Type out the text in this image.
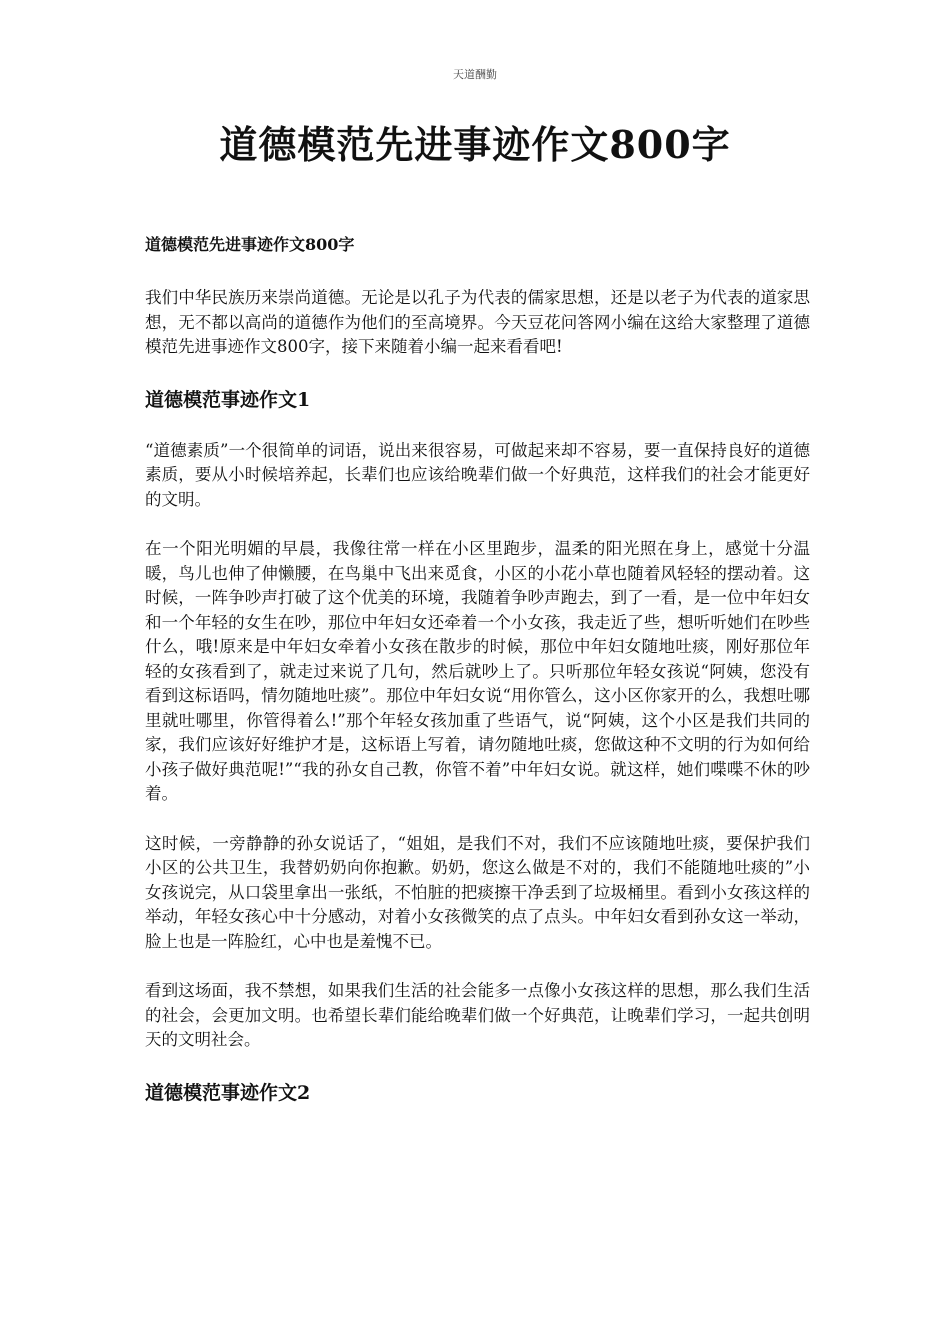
天道酬勤
道德模范先进事迹作文800字

道德模范先进事迹作文800字

我们中华民族历来崇尚道德。无论是以孔子为代表的儒家思想，还是以老子为代表的道家思想，无不都以高尚的道德作为他们的至高境界。今天豆花问答网小编在这给大家整理了道德模范先进事迹作文800字，接下来随着小编一起来看看吧!

道德模范事迹作文1

“道德素质”一个很简单的词语，说出来很容易，可做起来却不容易，要一直保持良好的道德素质，要从小时候培养起，长辈们也应该给晚辈们做一个好典范，这样我们的社会才能更好的文明。

在一个阳光明媚的早晨，我像往常一样在小区里跑步，温柔的阳光照在身上，感觉十分温暖，鸟儿也伸了伸懒腰，在鸟巢中飞出来觅食，小区的小花小草也随着风轻轻的摆动着。这时候，一阵争吵声打破了这个优美的环境，我随着争吵声跑去，到了一看，是一位中年妇女和一个年轻的女生在吵，那位中年妇女还牵着一个小女孩，我走近了些，想听听她们在吵些什么，哦!原来是中年妇女牵着小女孩在散步的时候，那位中年妇女随地吐痰，刚好那位年轻的女孩看到了，就走过来说了几句，然后就吵上了。只听那位年轻女孩说“阿姨，您没有看到这标语吗，情勿随地吐痰”。那位中年妇女说“用你管么，这小区你家开的么，我想吐哪里就吐哪里，你管得着么!”那个年轻女孩加重了些语气，说“阿姨，这个小区是我们共同的家，我们应该好好维护才是，这标语上写着，请勿随地吐痰，您做这种不文明的行为如何给小孩子做好典范呢!”“我的孙女自己教，你管不着”中年妇女说。就这样，她们喋喋不休的吵着。

这时候，一旁静静的孙女说话了，“姐姐，是我们不对，我们不应该随地吐痰，要保护我们小区的公共卫生，我替奶奶向你抱歉。奶奶，您这么做是不对的，我们不能随地吐痰的”小女孩说完，从口袋里拿出一张纸，不怕脏的把痰擦干净丢到了垃圾桶里。看到小女孩这样的举动，年轻女孩心中十分感动，对着小女孩微笑的点了点头。中年妇女看到孙女这一举动，脸上也是一阵脸红，心中也是羞愧不已。

看到这场面，我不禁想，如果我们生活的社会能多一点像小女孩这样的思想，那么我们生活的社会，会更加文明。也希望长辈们能给晚辈们做一个好典范，让晚辈们学习，一起共创明天的文明社会。

道德模范事迹作文2
